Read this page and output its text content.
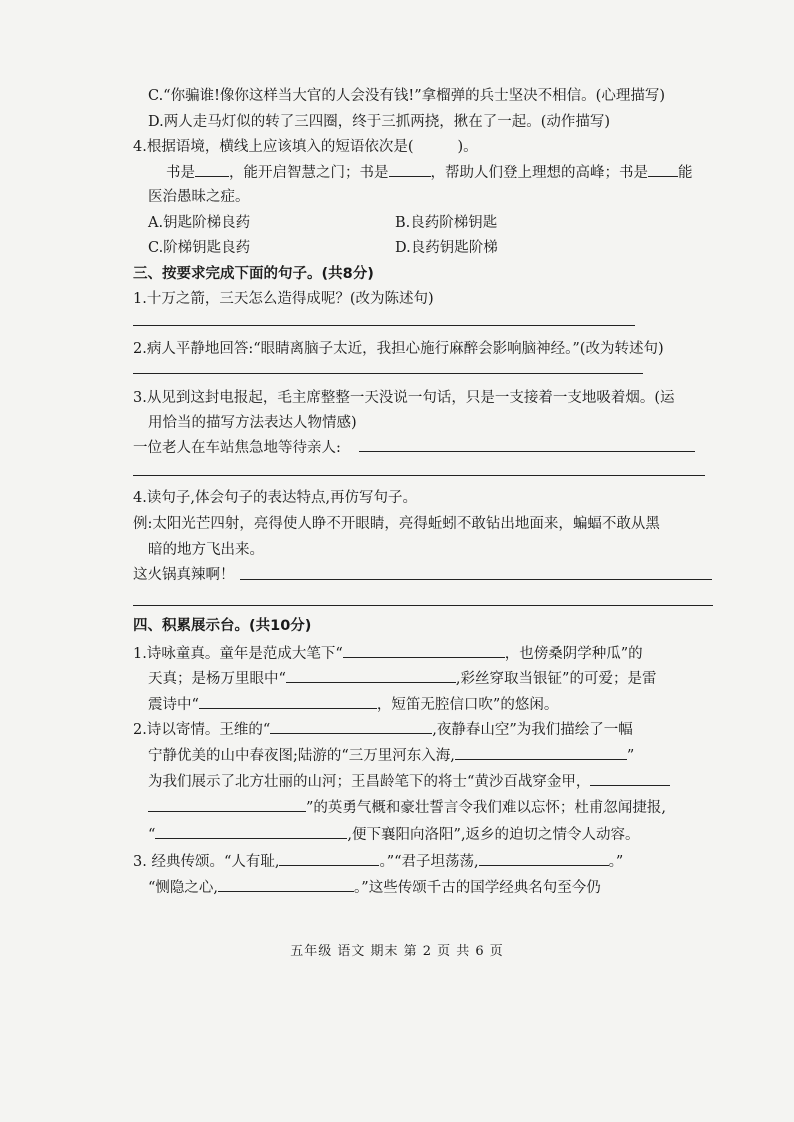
C.“你骗谁!像你这样当大官的人会没有钱!”拿榴弹的兵士坚决不相信。(心理描写)
D.两人走马灯似的转了三四圈，终于三抓两挠，揪在了一起。(动作描写)
4.根据语境，横线上应该填入的短语依次是(	)。
书是 ，能开启智慧之门；书是	，帮助人们登上理想的高峰；书是 能
医治愚昧之症。
A.钥匙阶梯良药	B.良药阶梯钥匙
C.阶梯钥匙良药	D.良药钥匙阶梯
三、按要求完成下面的句子。(共8分)
1.十万之箭，三天怎么造得成呢？(改为陈述句)
2.病人平静地回答:“眼睛离脑子太近，我担心施行麻醉会影响脑神经。”(改为转述句)
3.从见到这封电报起，毛主席整整一天没说一句话，只是一支接着一支地吸着烟。(运
用恰当的描写方法表达人物情感)
一位老人在车站焦急地等待亲人:
4.读句子,体会句子的表达特点,再仿写句子。
例:太阳光芒四射，亮得使人睁不开眼睛，亮得蚯蚓不敢钻出地面来，蝙蝠不敢从黑
暗的地方飞出来。
这火锅真辣啊！
四、积累展示台。(共10分)
1.诗咏童真。童年是范成大笔下“	，也傍桑阴学种瓜”的
天真；是杨万里眼中“	,彩丝穿取当银钲”的可爱；是雷
震诗中“	，短笛无腔信口吹”的悠闲。
2.诗以寄情。王维的“	,夜静春山空”为我们描绘了一幅
宁静优美的山中春夜图;陆游的“三万里河东入海,	”
为我们展示了北方壮丽的山河；王昌龄笔下的将士“黄沙百战穿金甲，
”的英勇气概和豪壮誓言令我们难以忘怀；杜甫忽闻捷报,
“	,便下襄阳向洛阳”,返乡的迫切之情令人动容。
3. 经典传颂。“人有耻,	。”“君子坦荡荡,	。”
“恻隐之心,	。”这些传颂千古的国学经典名句至今仍
五年级 语文 期末 第 2 页 共 6 页
